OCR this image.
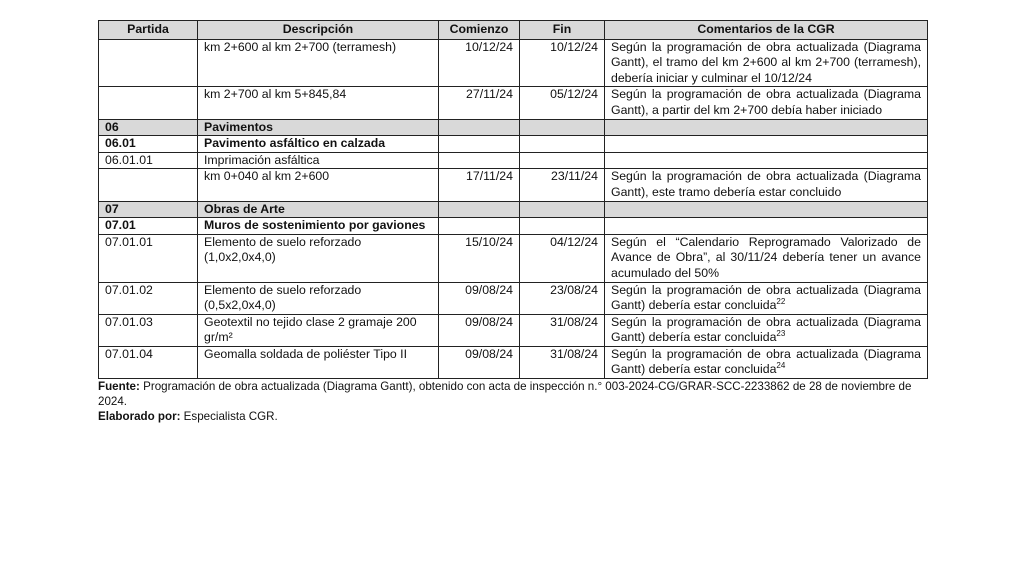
Partida	Descripción	Comienzo	Fin	Comentarios de la CGR
	km 2+600 al km 2+700 (terramesh)	10/12/24	10/12/24	Según la programación de obra actualizada (Diagrama Gantt), el tramo del km 2+600 al km 2+700 (terramesh), debería iniciar y culminar el 10/12/24
	km 2+700 al km 5+845,84	27/11/24	05/12/24	Según la programación de obra actualizada (Diagrama Gantt), a partir del km 2+700 debía haber iniciado
06	Pavimentos			
06.01	Pavimento asfáltico en calzada			
06.01.01	Imprimación asfáltica			
	km 0+040 al km 2+600	17/11/24	23/11/24	Según la programación de obra actualizada (Diagrama Gantt), este tramo debería estar concluido
07	Obras de Arte			
07.01	Muros de sostenimiento por gaviones			
07.01.01	Elemento de suelo reforzado (1,0x2,0x4,0)	15/10/24	04/12/24	Según el “Calendario Reprogramado Valorizado de Avance de Obra”, al 30/11/24 debería tener un avance acumulado del 50%
07.01.02	Elemento de suelo reforzado (0,5x2,0x4,0)	09/08/24	23/08/24	Según la programación de obra actualizada (Diagrama Gantt) debería estar concluida$^{22}$
07.01.03	Geotextil no tejido clase 2 gramaje 200 gr/m²	09/08/24	31/08/24	Según la programación de obra actualizada (Diagrama Gantt) debería estar concluida$^{23}$
07.01.04	Geomalla soldada de poliéster Tipo II	09/08/24	31/08/24	Según la programación de obra actualizada (Diagrama Gantt) debería estar concluida$^{24}$
Fuente: Programación de obra actualizada (Diagrama Gantt), obtenido con acta de inspección n.° 003-2024-CG/GRAR-SCC-2233862 de 28 de noviembre de 2024.
Elaborado por: Especialista CGR.
